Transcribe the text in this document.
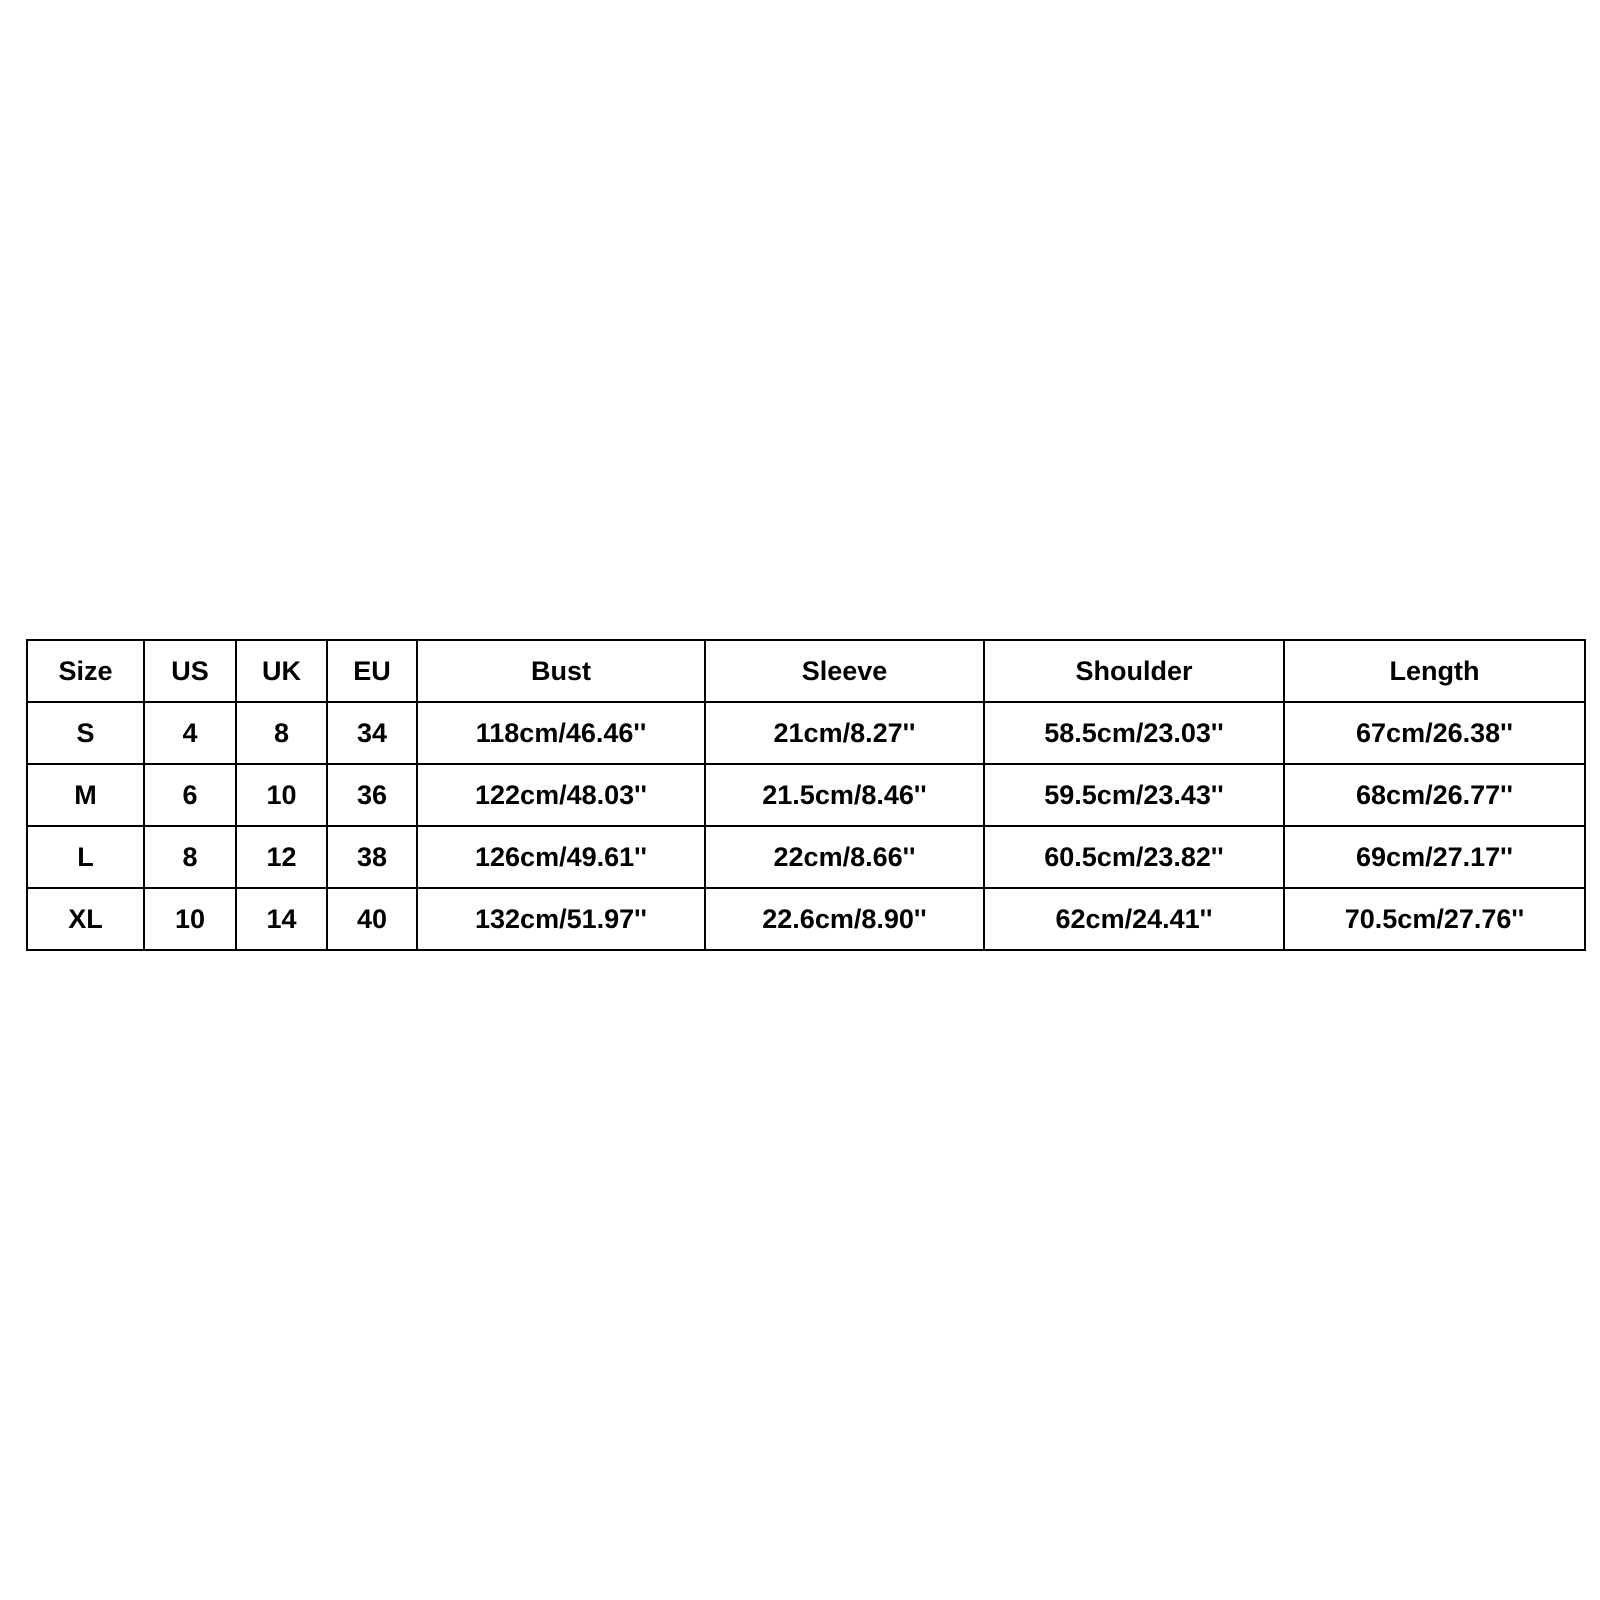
Size	US	UK	EU	Bust	Sleeve	Shoulder	Length
S	4	8	34	118cm/46.46''	21cm/8.27''	58.5cm/23.03''	67cm/26.38''
M	6	10	36	122cm/48.03''	21.5cm/8.46''	59.5cm/23.43''	68cm/26.77''
L	8	12	38	126cm/49.61''	22cm/8.66''	60.5cm/23.82''	69cm/27.17''
XL	10	14	40	132cm/51.97''	22.6cm/8.90''	62cm/24.41''	70.5cm/27.76''
